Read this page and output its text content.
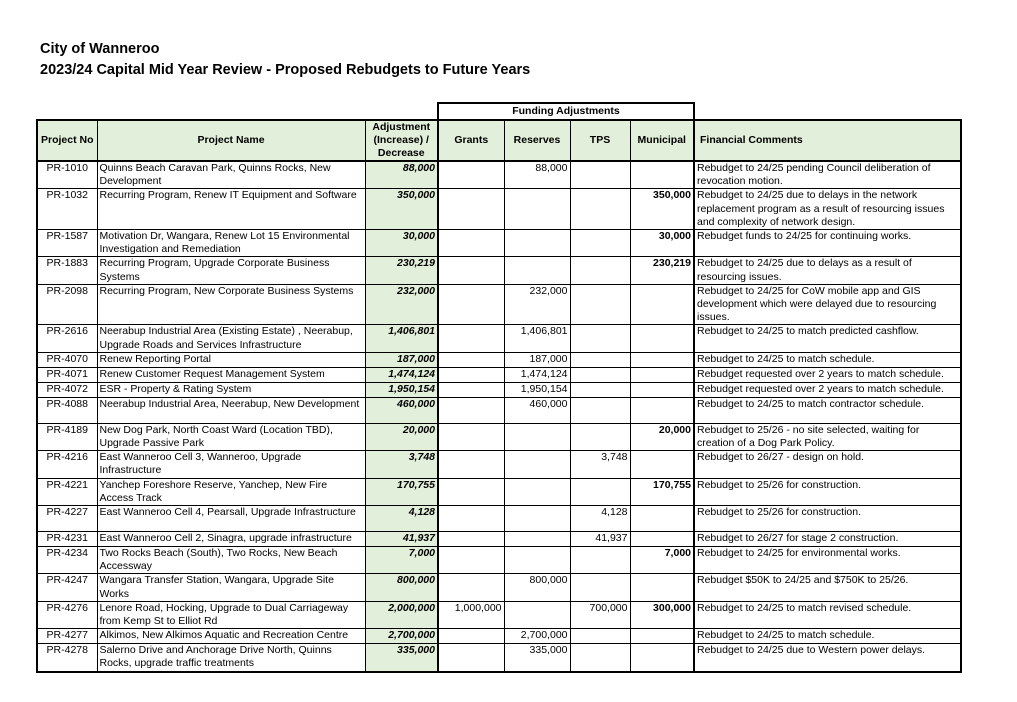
City of Wanneroo
2023/24 Capital Mid Year Review - Proposed Rebudgets to Future Years
			Funding Adjustments				
Project No	Project Name	Adjustment (Increase) / Decrease	Grants	Reserves	TPS	Municipal	Financial Comments
PR-1010	Quinns Beach Caravan Park, Quinns Rocks, New Development	88,000		88,000			Rebudget to 24/25 pending Council deliberation of revocation motion.
PR-1032	Recurring Program, Renew IT Equipment and Software	350,000				350,000	Rebudget to 24/25 due to delays in the network replacement program as a result of resourcing issues and complexity of network design.
PR-1587	Motivation Dr, Wangara, Renew Lot 15 Environmental Investigation and Remediation	30,000				30,000	Rebudget funds to 24/25 for continuing works.
PR-1883	Recurring Program, Upgrade Corporate Business Systems	230,219				230,219	Rebudget to 24/25 due to delays as a result of resourcing issues.
PR-2098	Recurring Program, New Corporate Business Systems	232,000		232,000			Rebudget to 24/25 for CoW mobile app and GIS development which were delayed due to resourcing issues.
PR-2616	Neerabup Industrial Area (Existing Estate) , Neerabup, Upgrade Roads and Services Infrastructure	1,406,801		1,406,801			Rebudget to 24/25 to match predicted cashflow.
PR-4070	Renew Reporting Portal	187,000		187,000			Rebudget to 24/25 to match schedule.
PR-4071	Renew Customer Request Management System	1,474,124		1,474,124			Rebudget requested over 2 years to match schedule.
PR-4072	ESR - Property & Rating System	1,950,154		1,950,154			Rebudget requested over 2 years to match schedule.
PR-4088	Neerabup Industrial Area, Neerabup, New Development	460,000		460,000			Rebudget to 24/25 to match contractor schedule.
PR-4189	New Dog Park, North Coast Ward (Location TBD), Upgrade Passive Park	20,000				20,000	Rebudget to 25/26 - no site selected, waiting for creation of a Dog Park Policy.
PR-4216	East Wanneroo Cell 3, Wanneroo, Upgrade Infrastructure	3,748			3,748		Rebudget to 26/27 - design on hold.
PR-4221	Yanchep Foreshore Reserve, Yanchep, New Fire Access Track	170,755				170,755	Rebudget to 25/26 for construction.
PR-4227	East Wanneroo Cell 4, Pearsall, Upgrade Infrastructure	4,128			4,128		Rebudget to 25/26 for construction.
PR-4231	East Wanneroo Cell 2, Sinagra, upgrade infrastructure	41,937			41,937		Rebudget to 26/27 for stage 2 construction.
PR-4234	Two Rocks Beach (South), Two Rocks, New Beach Accessway	7,000				7,000	Rebudget to 24/25 for environmental works.
PR-4247	Wangara Transfer Station, Wangara, Upgrade Site Works	800,000		800,000			Rebudget $50K to 24/25 and $750K to 25/26.
PR-4276	Lenore Road, Hocking, Upgrade to Dual Carriageway from Kemp St to Elliot Rd	2,000,000	1,000,000		700,000	300,000	Rebudget to 24/25 to match revised schedule.
PR-4277	Alkimos, New Alkimos Aquatic and Recreation Centre	2,700,000		2,700,000			Rebudget to 24/25 to match schedule.
PR-4278	Salerno Drive and Anchorage Drive North, Quinns Rocks, upgrade traffic treatments	335,000		335,000			Rebudget to 24/25 due to Western power delays.
